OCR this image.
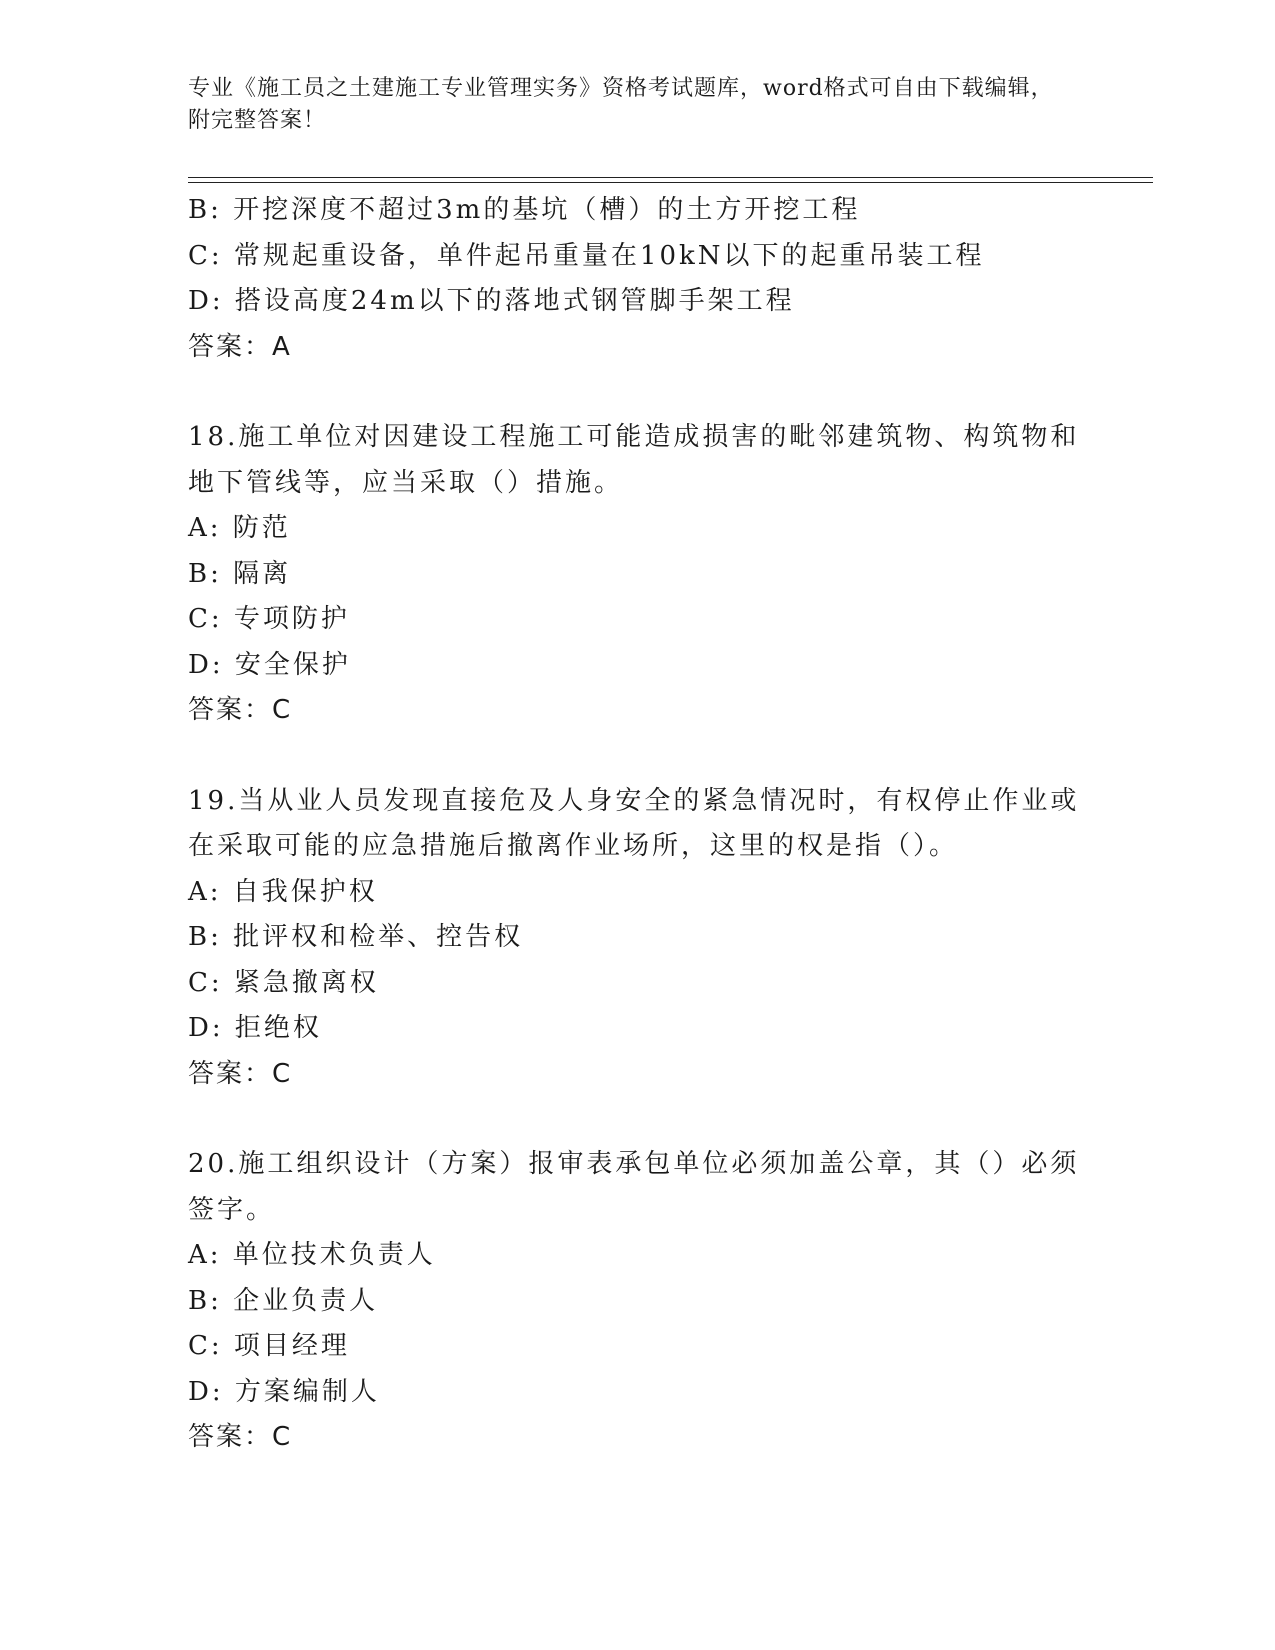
专业《施工员之土建施工专业管理实务》资格考试题库，word格式可自由下载编辑，附完整答案！
B: 开挖深度不超过3m的基坑（槽）的土方开挖工程
C: 常规起重设备，单件起吊重量在10kN以下的起重吊装工程
D: 搭设高度24m以下的落地式钢管脚手架工程
答案：A
18.施工单位对因建设工程施工可能造成损害的毗邻建筑物、构筑物和
地下管线等，应当采取（）措施。
A: 防范
B: 隔离
C: 专项防护
D: 安全保护
答案：C
19.当从业人员发现直接危及人身安全的紧急情况时，有权停止作业或
在采取可能的应急措施后撤离作业场所，这里的权是指（）。
A: 自我保护权
B: 批评权和检举、控告权
C: 紧急撤离权
D: 拒绝权
答案：C
20.施工组织设计（方案）报审表承包单位必须加盖公章，其（）必须
签字。
A: 单位技术负责人
B: 企业负责人
C: 项目经理
D: 方案编制人
答案：C
